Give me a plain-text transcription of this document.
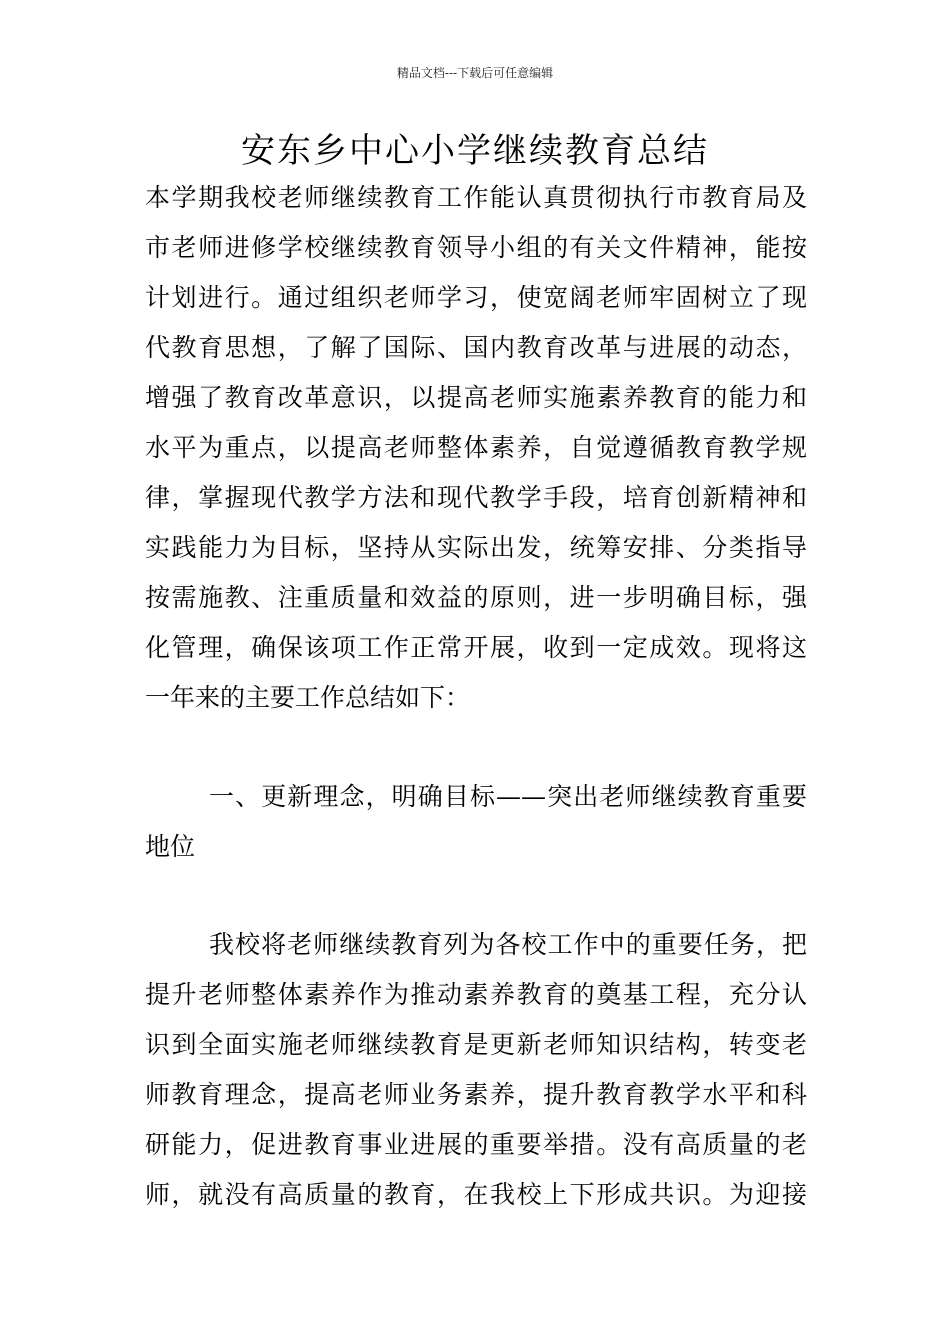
精品文档---下载后可任意编辑
安东乡中心小学继续教育总结
本学期我校老师继续教育工作能认真贯彻执行市教育局及
市老师进修学校继续教育领导小组的有关文件精神，能按
计划进行。通过组织老师学习，使宽阔老师牢固树立了现
代教育思想，了解了国际、国内教育改革与进展的动态，
增强了教育改革意识，以提高老师实施素养教育的能力和
水平为重点，以提高老师整体素养，自觉遵循教育教学规
律，掌握现代教学方法和现代教学手段，培育创新精神和
实践能力为目标，坚持从实际出发，统筹安排、分类指导
按需施教、注重质量和效益的原则，进一步明确目标，强
化管理，确保该项工作正常开展，收到一定成效。现将这
一年来的主要工作总结如下：
一、更新理念，明确目标——突出老师继续教育重要
地位
我校将老师继续教育列为各校工作中的重要任务，把
提升老师整体素养作为推动素养教育的奠基工程，充分认
识到全面实施老师继续教育是更新老师知识结构，转变老
师教育理念，提高老师业务素养，提升教育教学水平和科
研能力，促进教育事业进展的重要举措。没有高质量的老
师，就没有高质量的教育，在我校上下形成共识。为迎接
